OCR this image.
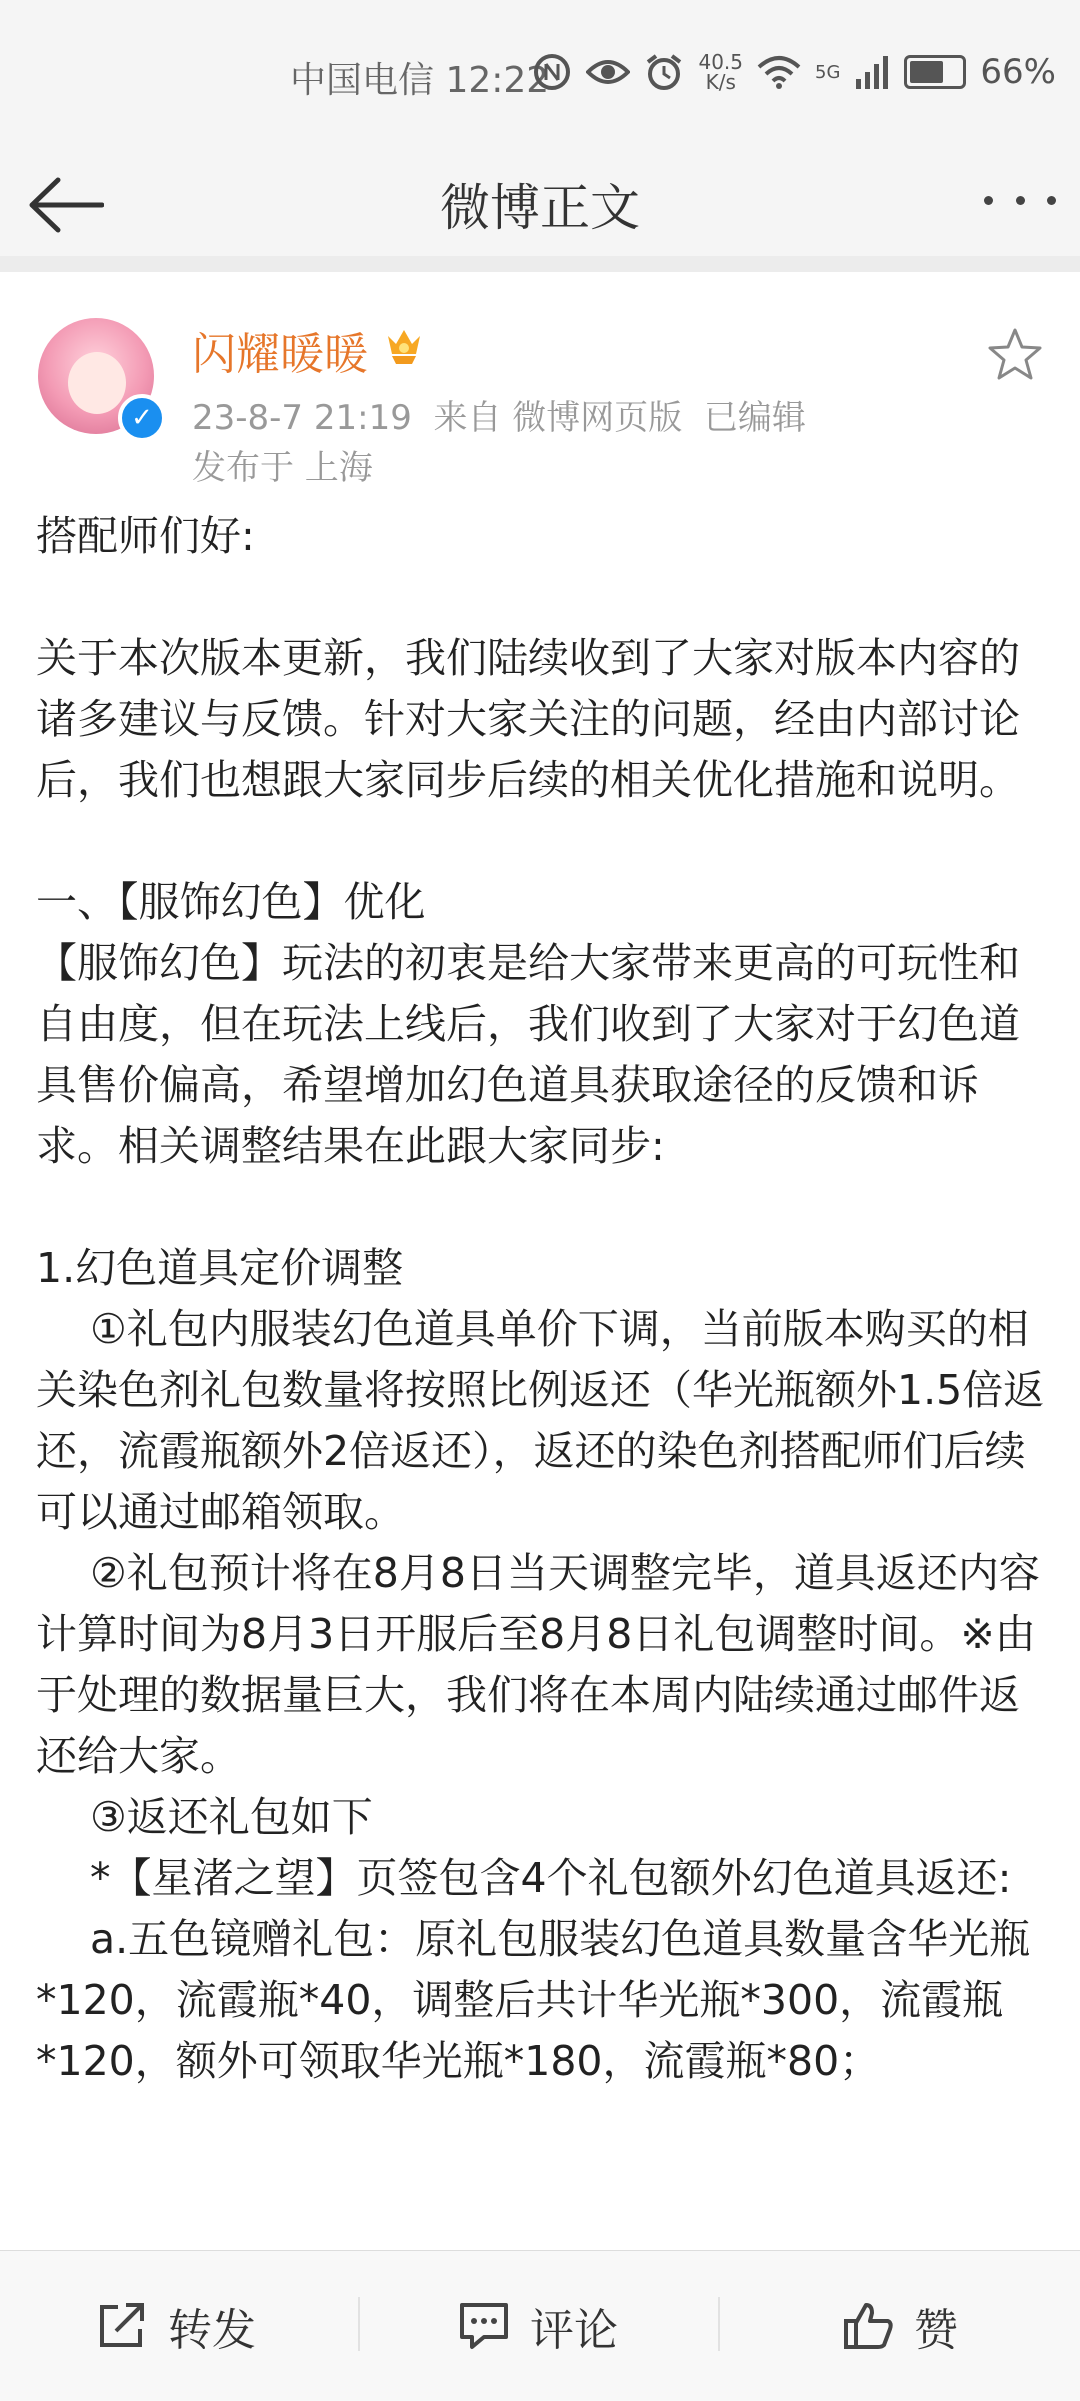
中国电信 12:22	40.5
K/s	5G	66%
微博正文
✓
闪耀暖暖
23-8-7 21:19  来自 微博网页版  已编辑
发布于 上海

搭配师们好:

关于本次版本更新，我们陆续收到了大家对版本内容的诸多建议与反馈。针对大家关注的问题，经由内部讨论后，我们也想跟大家同步后续的相关优化措施和说明。

一、【服饰幻色】优化

【服饰幻色】玩法的初衷是给大家带来更高的可玩性和自由度，但在玩法上线后，我们收到了大家对于幻色道具售价偏高，希望增加幻色道具获取途径的反馈和诉求。相关调整结果在此跟大家同步:

1.幻色道具定价调整

①礼包内服装幻色道具单价下调，当前版本购买的相关染色剂礼包数量将按照比例返还（华光瓶额外1.5倍返还，流霞瓶额外2倍返还），返还的染色剂搭配师们后续可以通过邮箱领取。

②礼包预计将在8月8日当天调整完毕，道具返还内容计算时间为8月3日开服后至8月8日礼包调整时间。※由于处理的数据量巨大，我们将在本周内陆续通过邮件返还给大家。

③返还礼包如下

*【星渚之望】页签包含4个礼包额外幻色道具返还:

a.五色镜赠礼包：原礼包服装幻色道具数量含华光瓶*120，流霞瓶*40，调整后共计华光瓶*300，流霞瓶*120，额外可领取华光瓶*180，流霞瓶*80；

转发	评论	赞
